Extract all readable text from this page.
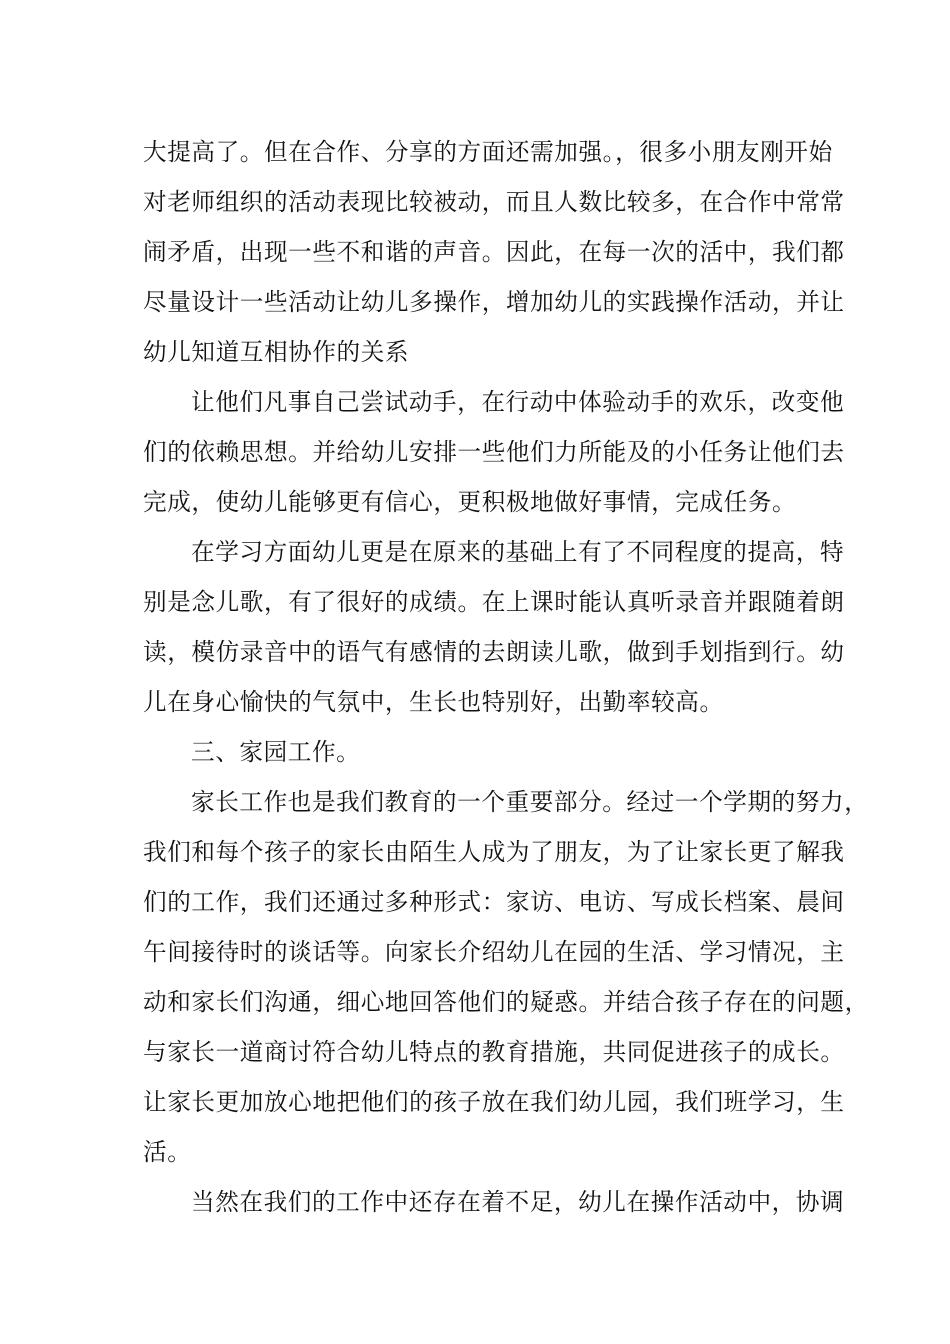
大提高了。但在合作、分享的方面还需加强。，很多小朋友刚开始
对老师组织的活动表现比较被动，而且人数比较多，在合作中常常
闹矛盾，出现一些不和谐的声音。因此，在每一次的活中，我们都
尽量设计一些活动让幼儿多操作，增加幼儿的实践操作活动，并让
幼儿知道互相协作的关系
让他们凡事自己尝试动手，在行动中体验动手的欢乐，改变他
们的依赖思想。并给幼儿安排一些他们力所能及的小任务让他们去
完成，使幼儿能够更有信心，更积极地做好事情，完成任务。
在学习方面幼儿更是在原来的基础上有了不同程度的提高，特
别是念儿歌，有了很好的成绩。在上课时能认真听录音并跟随着朗
读，模仿录音中的语气有感情的去朗读儿歌，做到手划指到行。幼
儿在身心愉快的气氛中，生长也特别好，出勤率较高。
三、家园工作。
家长工作也是我们教育的一个重要部分。经过一个学期的努力，
我们和每个孩子的家长由陌生人成为了朋友，为了让家长更了解我
们的工作，我们还通过多种形式：家访、电访、写成长档案、晨间
午间接待时的谈话等。向家长介绍幼儿在园的生活、学习情况，主
动和家长们沟通，细心地回答他们的疑惑。并结合孩子存在的问题，
与家长一道商讨符合幼儿特点的教育措施，共同促进孩子的成长。
让家长更加放心地把他们的孩子放在我们幼儿园，我们班学习，生
活。
当然在我们的工作中还存在着不足，幼儿在操作活动中，协调
